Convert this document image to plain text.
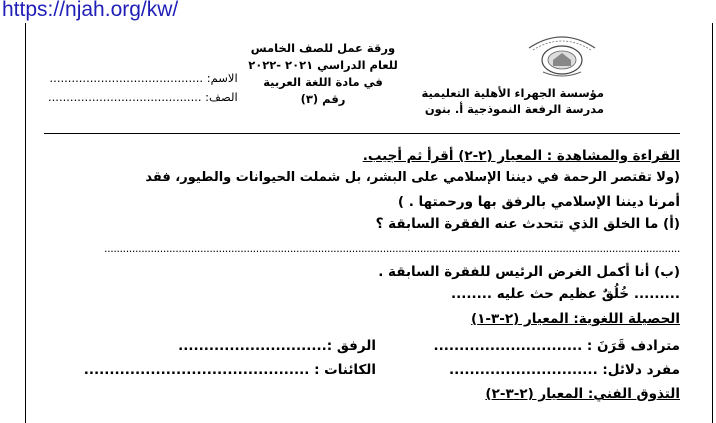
https://njah.org/kw/
مؤسسة الجهراء الأهلية التعليمية
مدرسة الرفعة النموذجية أ. بنون
ورقة عمل للصف الخامس
للعام الدراسي ٢٠٢١ -٢٠٢٢
في مادة اللغة العربية
رقم (٣)
الاسم: ..........................................
الصف: ..........................................
القراءة والمشاهدة : المعيار (٢-٢) أقرأ ثم أجيب.
(ولا تقتصر الرحمة في ديننا الإسلامي على البشر، بل شملت الحيوانات والطيور، فقد
أمرنا ديننا الإسلامي بالرفق بها ورحمتها . )
(أ) ما الخلق الذي تتحدث عنه الفقرة السابقة ؟
..........................................................................................................................................................................................
(ب) أنا أكمل الغرض الرئيس للفقرة السابقة .
......... خُلُقٌ عظيم حث عليه ........
الحصيلة اللغوية: المعيار (٢-٣-١)
مترادف قَرَنَ : .............................
الرفق :.............................
مفرد دلائل: .............................
الكائنات : ............................................
التذوق الفني: المعيار (٢-٣-٢)
